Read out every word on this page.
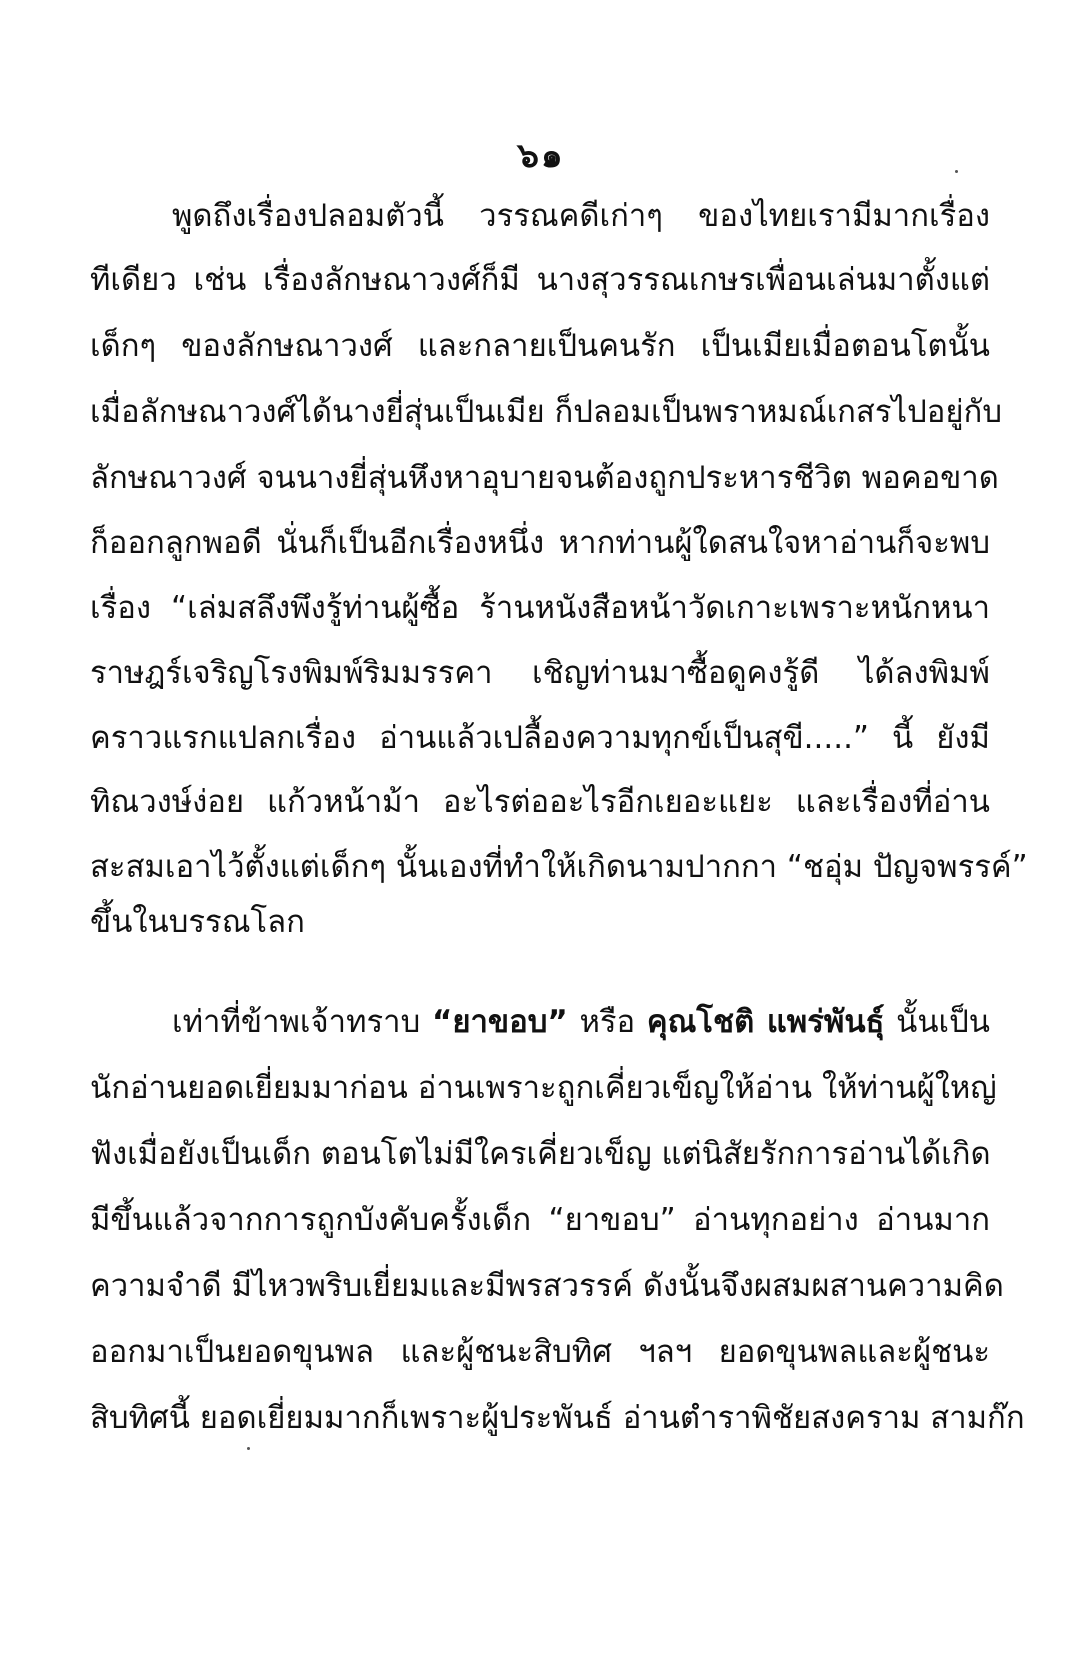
๖๑
พูดถึงเรื่องปลอมตัวนี้ วรรณคดีเก่าๆ ของไทยเรามีมากเรื่อง
ทีเดียว เช่น เรื่องลักษณาวงศ์ก็มี นางสุวรรณเกษรเพื่อนเล่นมาตั้งแต่
เด็กๆ ของลักษณาวงศ์ และกลายเป็นคนรัก เป็นเมียเมื่อตอนโตนั้น
เมื่อลักษณาวงศ์ได้นางยี่สุ่นเป็นเมีย ก็ปลอมเป็นพราหมณ์เกสรไปอยู่กับ
ลักษณาวงศ์ จนนางยี่สุ่นหึงหาอุบายจนต้องถูกประหารชีวิต พอคอขาด
ก็ออกลูกพอดี นั่นก็เป็นอีกเรื่องหนึ่ง หากท่านผู้ใดสนใจหาอ่านก็จะพบ
เรื่อง “เล่มสลึงพึงรู้ท่านผู้ซื้อ ร้านหนังสือหน้าวัดเกาะเพราะหนักหนา
ราษฎร์เจริญโรงพิมพ์ริมมรรคา เชิญท่านมาซื้อดูคงรู้ดี ได้ลงพิมพ์
คราวแรกแปลกเรื่อง อ่านแล้วเปลื้องความทุกข์เป็นสุขี.....” นี้ ยังมี
ทิณวงษ์ง่อย แก้วหน้าม้า อะไรต่ออะไรอีกเยอะแยะ และเรื่องที่อ่าน
สะสมเอาไว้ตั้งแต่เด็กๆ นั้นเองที่ทำให้เกิดนามปากกา “ชอุ่ม ปัญจพรรค์”
ขึ้นในบรรณโลก
เท่าที่ข้าพเจ้าทราบ “ยาขอบ” หรือ คุณโชติ แพร่พันธุ์ นั้นเป็น
นักอ่านยอดเยี่ยมมาก่อน อ่านเพราะถูกเคี่ยวเข็ญให้อ่าน ให้ท่านผู้ใหญ่
ฟังเมื่อยังเป็นเด็ก ตอนโตไม่มีใครเคี่ยวเข็ญ แต่นิสัยรักการอ่านได้เกิด
มีขึ้นแล้วจากการถูกบังคับครั้งเด็ก “ยาขอบ” อ่านทุกอย่าง อ่านมาก
ความจำดี มีไหวพริบเยี่ยมและมีพรสวรรค์ ดังนั้นจึงผสมผสานความคิด
ออกมาเป็นยอดขุนพล และผู้ชนะสิบทิศ ฯลฯ ยอดขุนพลและผู้ชนะ
สิบทิศนี้ ยอดเยี่ยมมากก็เพราะผู้ประพันธ์ อ่านตำราพิชัยสงคราม สามก๊ก
